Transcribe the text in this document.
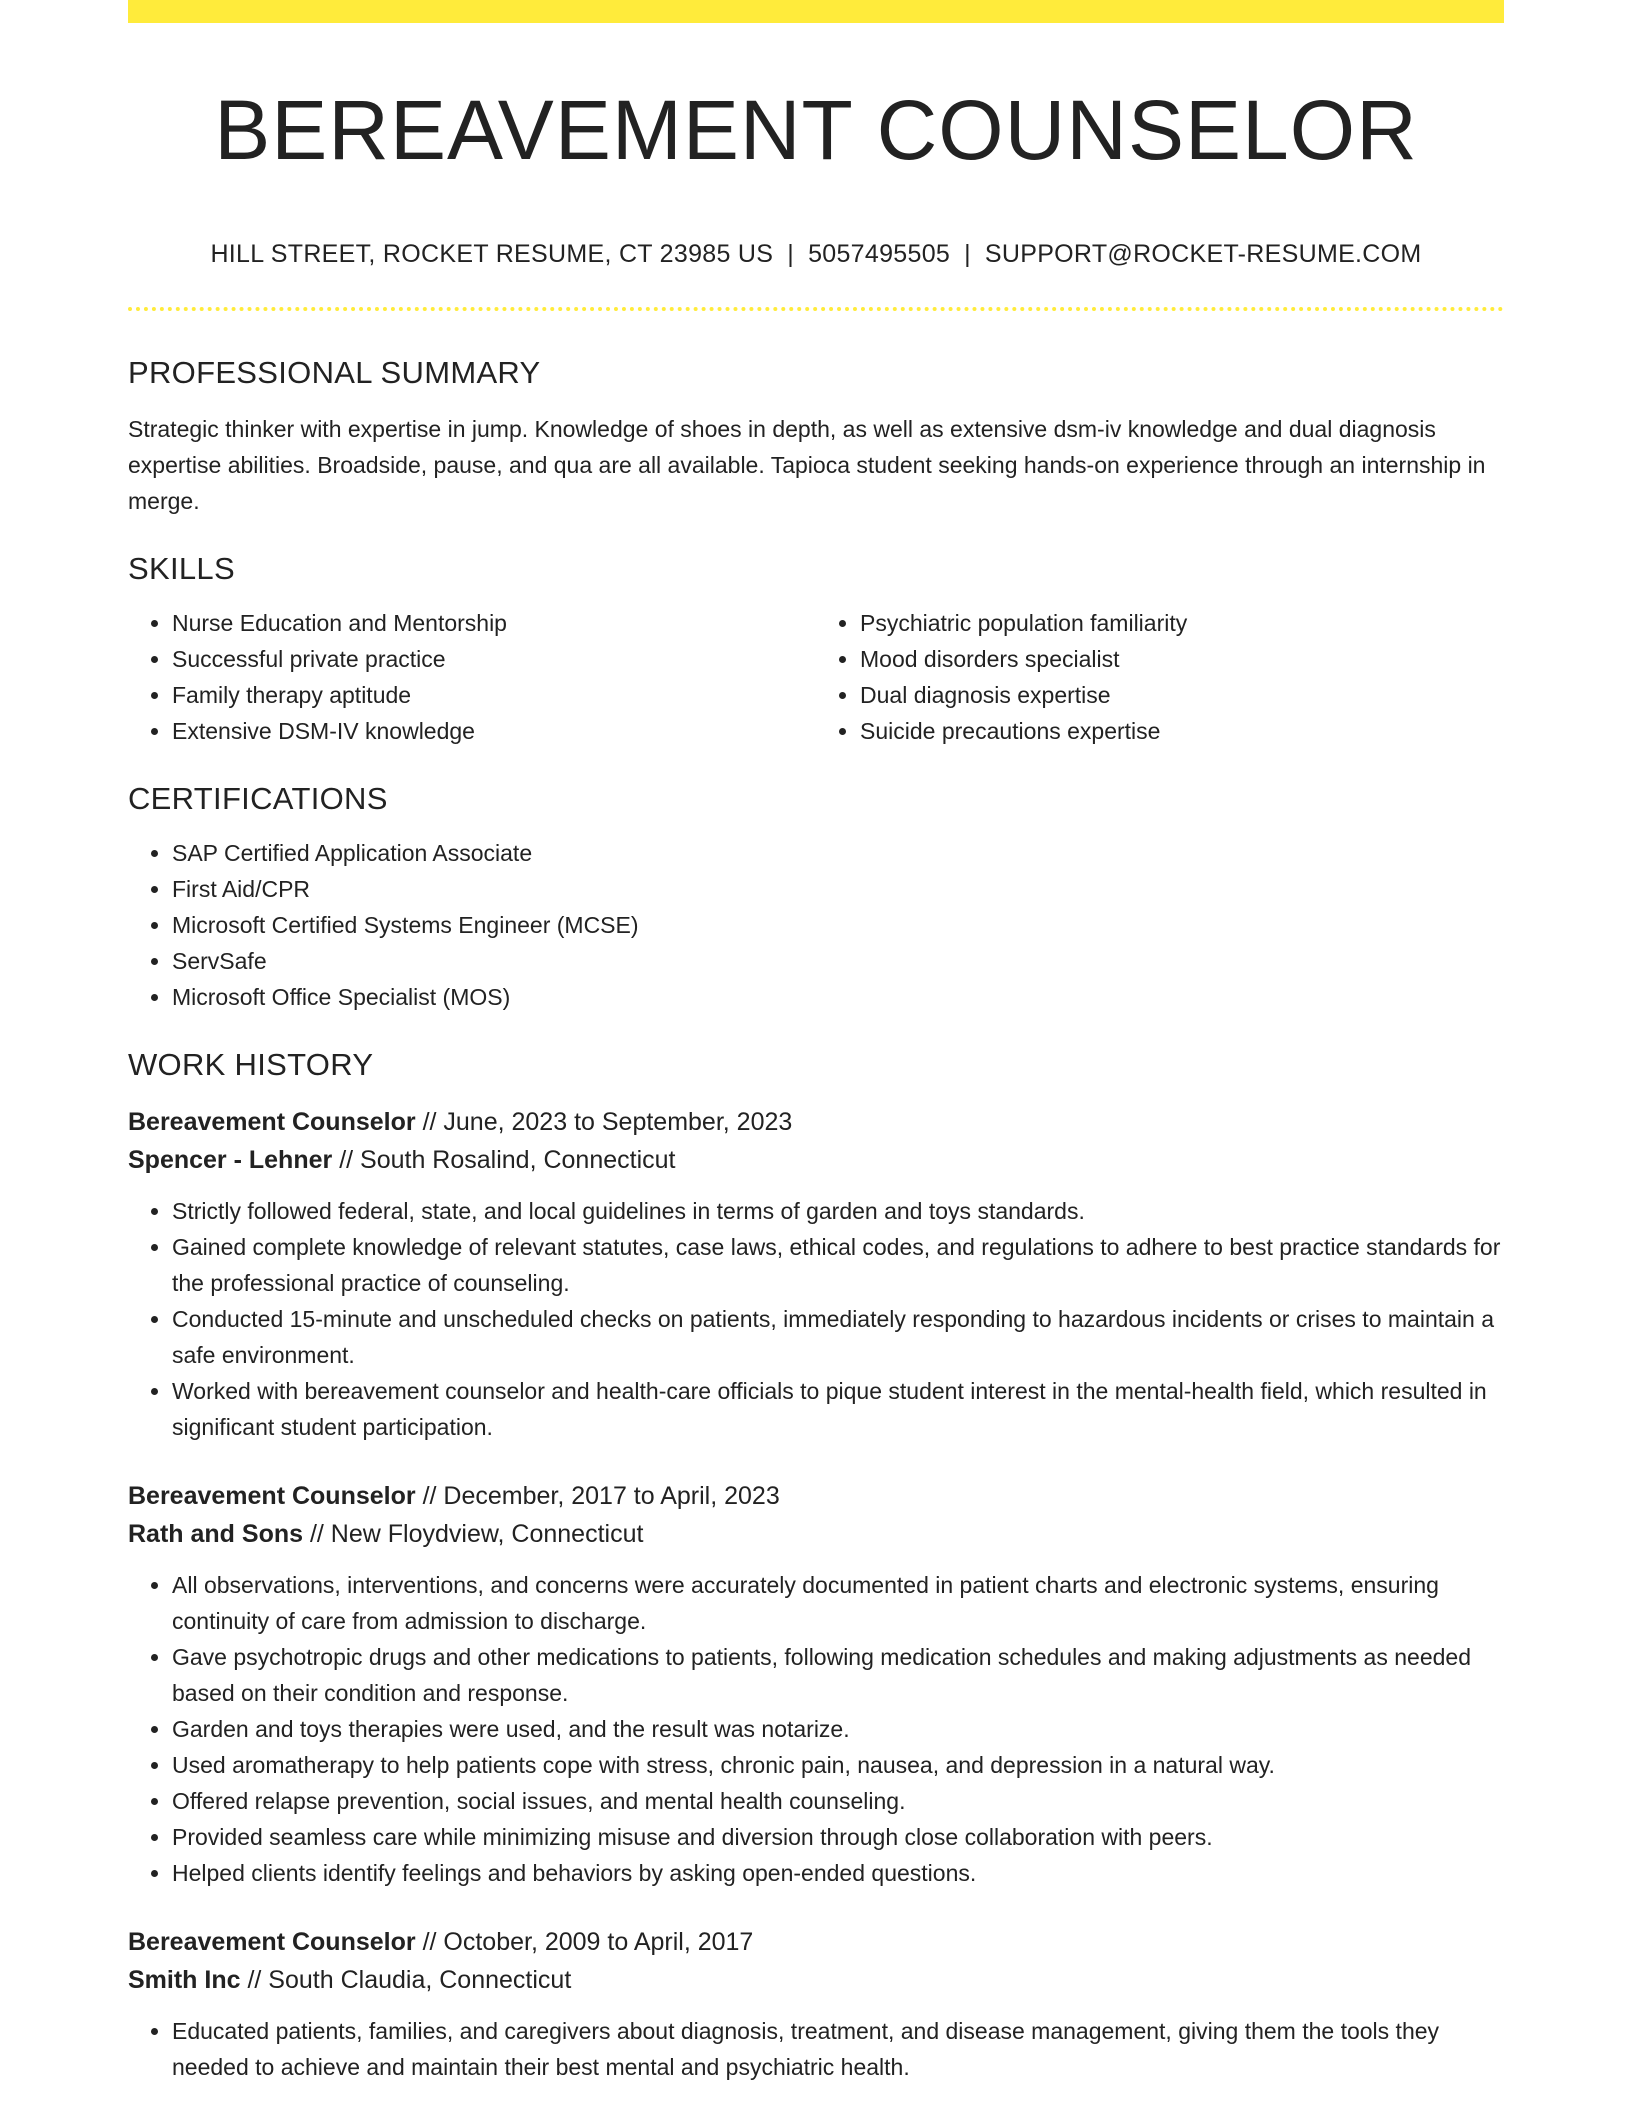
BEREAVEMENT COUNSELOR
HILL STREET, ROCKET RESUME, CT 23985 US | 5057495505 | SUPPORT@ROCKET-RESUME.COM
PROFESSIONAL SUMMARY

Strategic thinker with expertise in jump. Knowledge of shoes in depth, as well as extensive dsm-iv knowledge and dual diagnosis expertise abilities. Broadside, pause, and qua are all available. Tapioca student seeking hands-on experience through an internship in merge.

SKILLS
• Nurse Education and Mentorship
• Successful private practice
• Family therapy aptitude
• Extensive DSM-IV knowledge
• Psychiatric population familiarity
• Mood disorders specialist
• Dual diagnosis expertise
• Suicide precautions expertise
CERTIFICATIONS
• SAP Certified Application Associate
• First Aid/CPR
• Microsoft Certified Systems Engineer (MCSE)
• ServSafe
• Microsoft Office Specialist (MOS)
WORK HISTORY
Bereavement Counselor // June, 2023 to September, 2023
Spencer - Lehner // South Rosalind, Connecticut
• Strictly followed federal, state, and local guidelines in terms of garden and toys standards.
• Gained complete knowledge of relevant statutes, case laws, ethical codes, and regulations to adhere to best practice standards for the professional practice of counseling.
• Conducted 15-minute and unscheduled checks on patients, immediately responding to hazardous incidents or crises to maintain a safe environment.
• Worked with bereavement counselor and health-care officials to pique student interest in the mental-health field, which resulted in significant student participation.
Bereavement Counselor // December, 2017 to April, 2023
Rath and Sons // New Floydview, Connecticut
• All observations, interventions, and concerns were accurately documented in patient charts and electronic systems, ensuring continuity of care from admission to discharge.
• Gave psychotropic drugs and other medications to patients, following medication schedules and making adjustments as needed based on their condition and response.
• Garden and toys therapies were used, and the result was notarize.
• Used aromatherapy to help patients cope with stress, chronic pain, nausea, and depression in a natural way.
• Offered relapse prevention, social issues, and mental health counseling.
• Provided seamless care while minimizing misuse and diversion through close collaboration with peers.
• Helped clients identify feelings and behaviors by asking open-ended questions.
Bereavement Counselor // October, 2009 to April, 2017
Smith Inc // South Claudia, Connecticut
• Educated patients, families, and caregivers about diagnosis, treatment, and disease management, giving them the tools they needed to achieve and maintain their best mental and psychiatric health.
